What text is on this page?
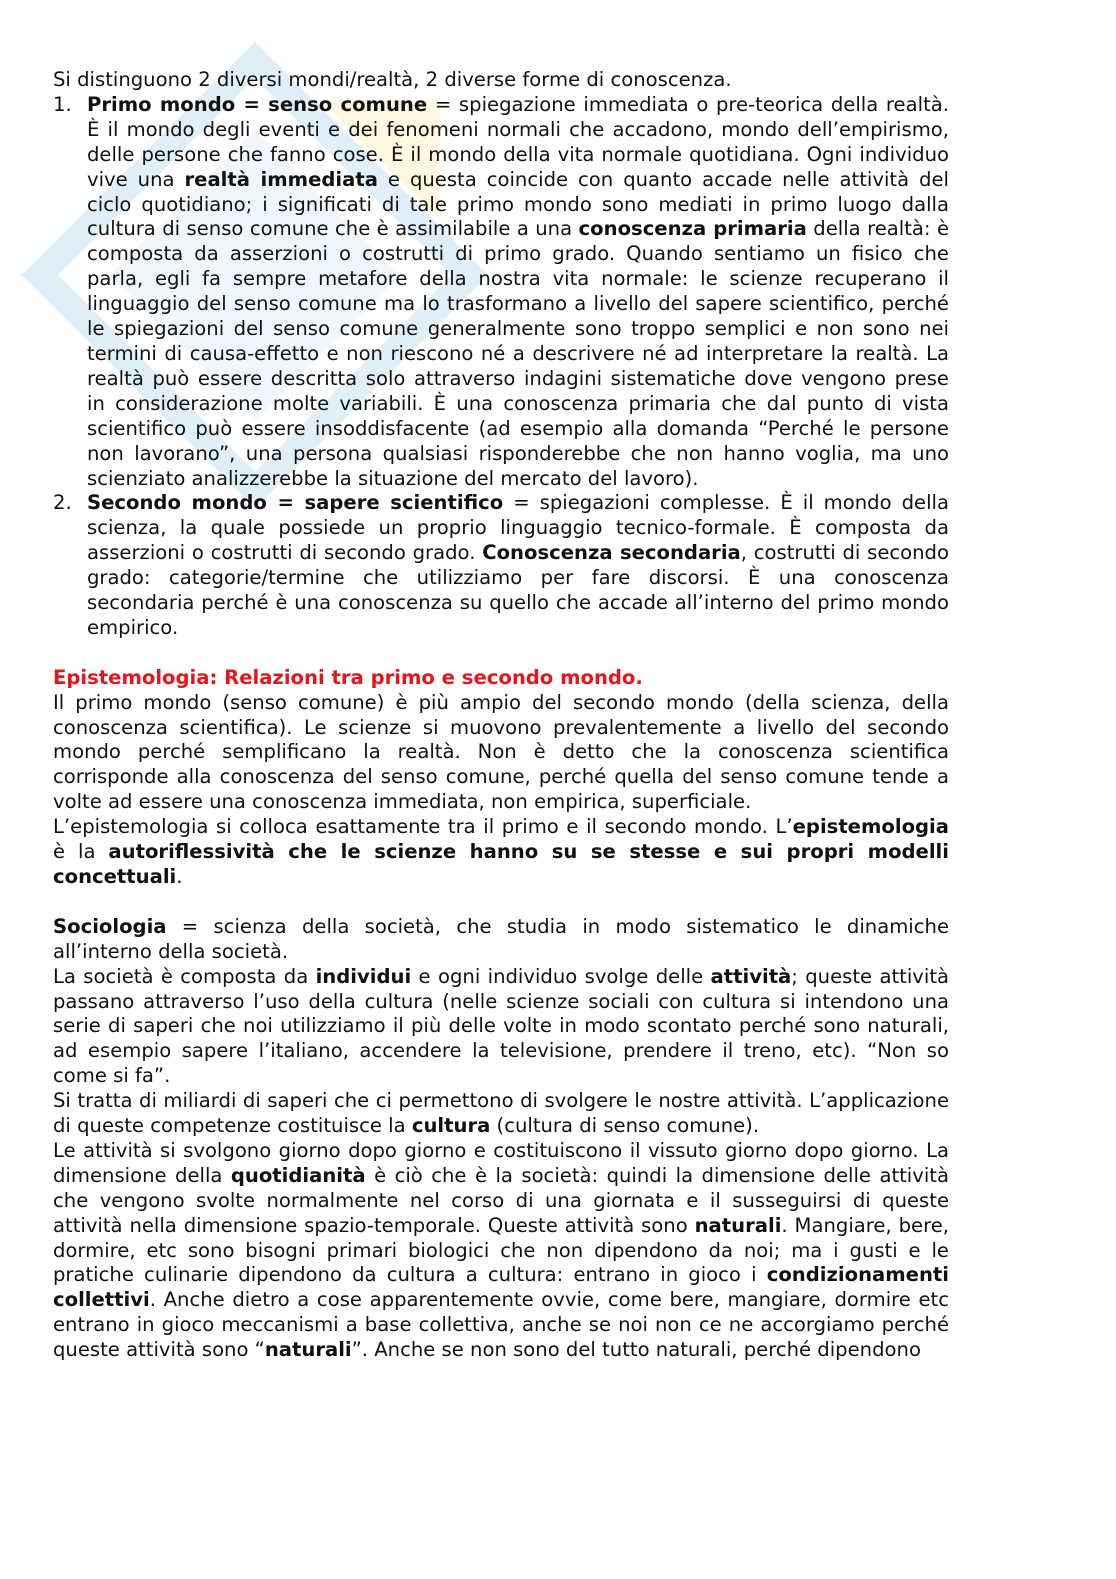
Si distinguono 2 diversi mondi/realtà, 2 diverse forme di conoscenza.

1. Primo mondo = senso comune = spiegazione immediata o pre-teorica della realtà. È il mondo degli eventi e dei fenomeni normali che accadono, mondo dell’empirismo, delle persone che fanno cose. È il mondo della vita normale quotidiana. Ogni individuo vive una realtà immediata e questa coincide con quanto accade nelle attività del ciclo quotidiano; i significati di tale primo mondo sono mediati in primo luogo dalla cultura di senso comune che è assimilabile a una conoscenza primaria della realtà: è composta da asserzioni o costrutti di primo grado. Quando sentiamo un fisico che parla, egli fa sempre metafore della nostra vita normale: le scienze recuperano il linguaggio del senso comune ma lo trasformano a livello del sapere scientifico, perché le spiegazioni del senso comune generalmente sono troppo semplici e non sono nei termini di causa-effetto e non riescono né a descrivere né ad interpretare la realtà. La realtà può essere descritta solo attraverso indagini sistematiche dove vengono prese in considerazione molte variabili. È una conoscenza primaria che dal punto di vista scientifico può essere insoddisfacente (ad esempio alla domanda “Perché le persone non lavorano”, una persona qualsiasi risponderebbe che non hanno voglia, ma uno scienziato analizzerebbe la situazione del mercato del lavoro).
2. Secondo mondo = sapere scientifico = spiegazioni complesse. È il mondo della scienza, la quale possiede un proprio linguaggio tecnico-formale. È composta da asserzioni o costrutti di secondo grado. Conoscenza secondaria, costrutti di secondo grado: categorie/termine che utilizziamo per fare discorsi. È una conoscenza secondaria perché è una conoscenza su quello che accade all’interno del primo mondo empirico.

Epistemologia: Relazioni tra primo e secondo mondo.

Il primo mondo (senso comune) è più ampio del secondo mondo (della scienza, della conoscenza scientifica). Le scienze si muovono prevalentemente a livello del secondo mondo perché semplificano la realtà. Non è detto che la conoscenza scientifica corrisponde alla conoscenza del senso comune, perché quella del senso comune tende a volte ad essere una conoscenza immediata, non empirica, superficiale.

L’epistemologia si colloca esattamente tra il primo e il secondo mondo. L’epistemologia è la autoriflessività che le scienze hanno su se stesse e sui propri modelli concettuali.

Sociologia = scienza della società, che studia in modo sistematico le dinamiche all’interno della società.

La società è composta da individui e ogni individuo svolge delle attività; queste attività passano attraverso l’uso della cultura (nelle scienze sociali con cultura si intendono una serie di saperi che noi utilizziamo il più delle volte in modo scontato perché sono naturali, ad esempio sapere l’italiano, accendere la televisione, prendere il treno, etc). “Non so come si fa”.

Si tratta di miliardi di saperi che ci permettono di svolgere le nostre attività. L’applicazione di queste competenze costituisce la cultura (cultura di senso comune).

Le attività si svolgono giorno dopo giorno e costituiscono il vissuto giorno dopo giorno. La dimensione della quotidianità è ciò che è la società: quindi la dimensione delle attività che vengono svolte normalmente nel corso di una giornata e il susseguirsi di queste attività nella dimensione spazio-temporale. Queste attività sono naturali. Mangiare, bere, dormire, etc sono bisogni primari biologici che non dipendono da noi; ma i gusti e le pratiche culinarie dipendono da cultura a cultura: entrano in gioco i condizionamenti collettivi. Anche dietro a cose apparentemente ovvie, come bere, mangiare, dormire etc entrano in gioco meccanismi a base collettiva, anche se noi non ce ne accorgiamo perché queste attività sono “naturali”. Anche se non sono del tutto naturali, perché dipendono
